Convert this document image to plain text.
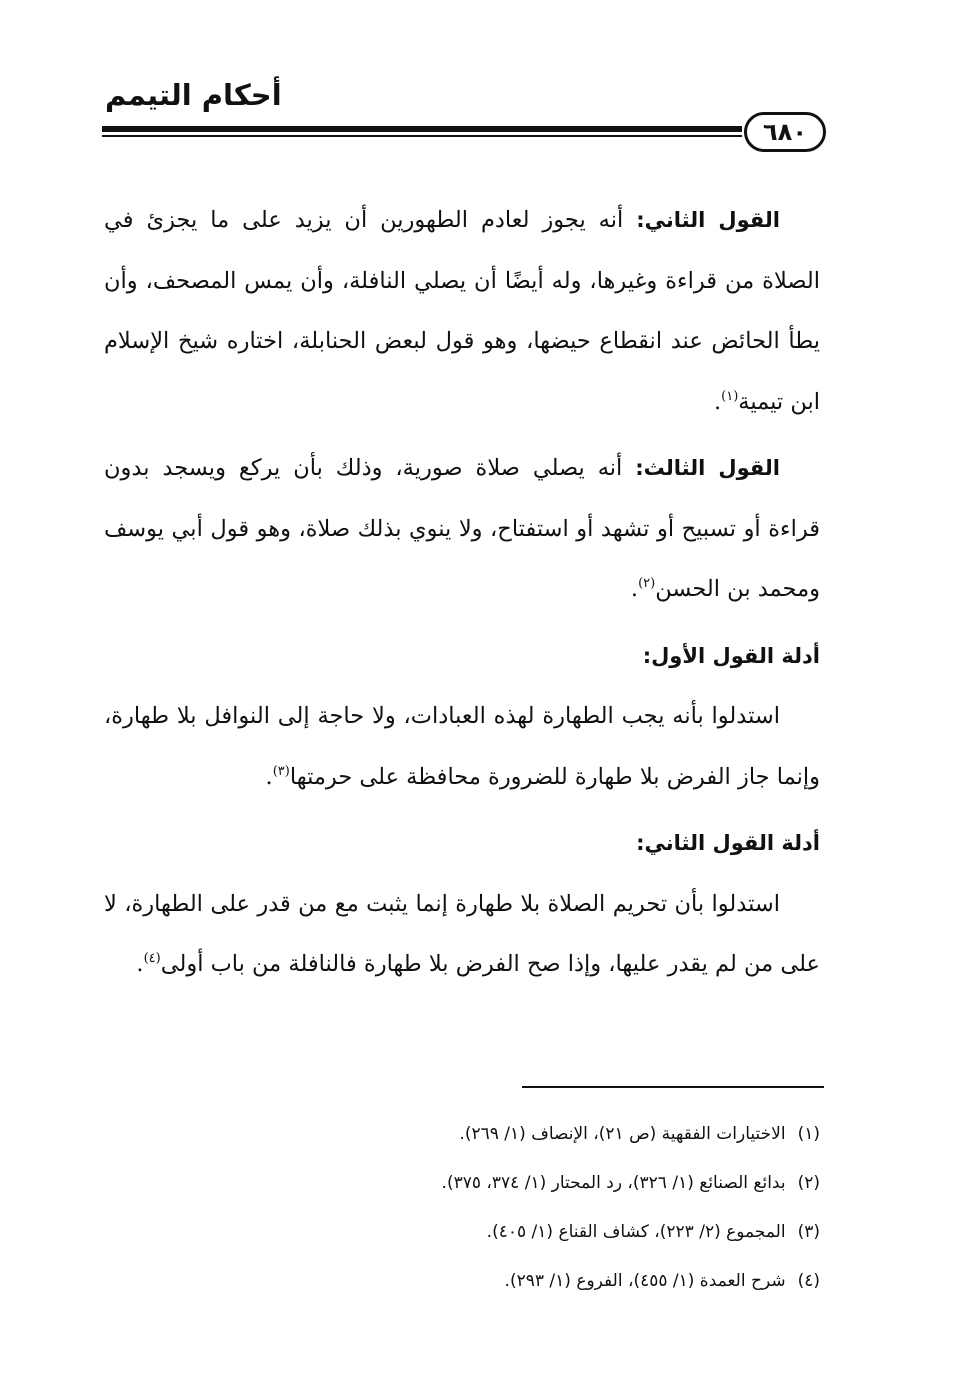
أحكام التيمم
٦٨٠

القول الثاني: أنه يجوز لعادم الطهورين أن يزيد على ما يجزئ في الصلاة من قراءة وغيرها، وله أيضًا أن يصلي النافلة، وأن يمس المصحف، وأن يطأ الحائض عند انقطاع حيضها، وهو قول لبعض الحنابلة، اختاره شيخ الإسلام ابن تيمية$^{(١)}$.

القول الثالث: أنه يصلي صلاة صورية، وذلك بأن يركع ويسجد بدون قراءة أو تسبيح أو تشهد أو استفتاح، ولا ينوي بذلك صلاة، وهو قول أبي يوسف ومحمد بن الحسن$^{(٢)}$.

أدلة القول الأول:

استدلوا بأنه يجب الطهارة لهذه العبادات، ولا حاجة إلى النوافل بلا طهارة، وإنما جاز الفرض بلا طهارة للضرورة محافظة على حرمتها$^{(٣)}$.

أدلة القول الثاني:

استدلوا بأن تحريم الصلاة بلا طهارة إنما يثبت مع من قدر على الطهارة، لا على من لم يقدر عليها، وإذا صح الفرض بلا طهارة فالنافلة من باب أولى$^{(٤)}$.

(١)الاختيارات الفقهية (ص ٢١)، الإنصاف (١/ ٢٦٩).
(٢)بدائع الصنائع (١/ ٣٢٦)، رد المحتار (١/ ٣٧٤، ٣٧٥).
(٣)المجموع (٢/ ٢٢٣)، كشاف القناع (١/ ٤٠٥).
(٤)شرح العمدة (١/ ٤٥٥)، الفروع (١/ ٢٩٣).
